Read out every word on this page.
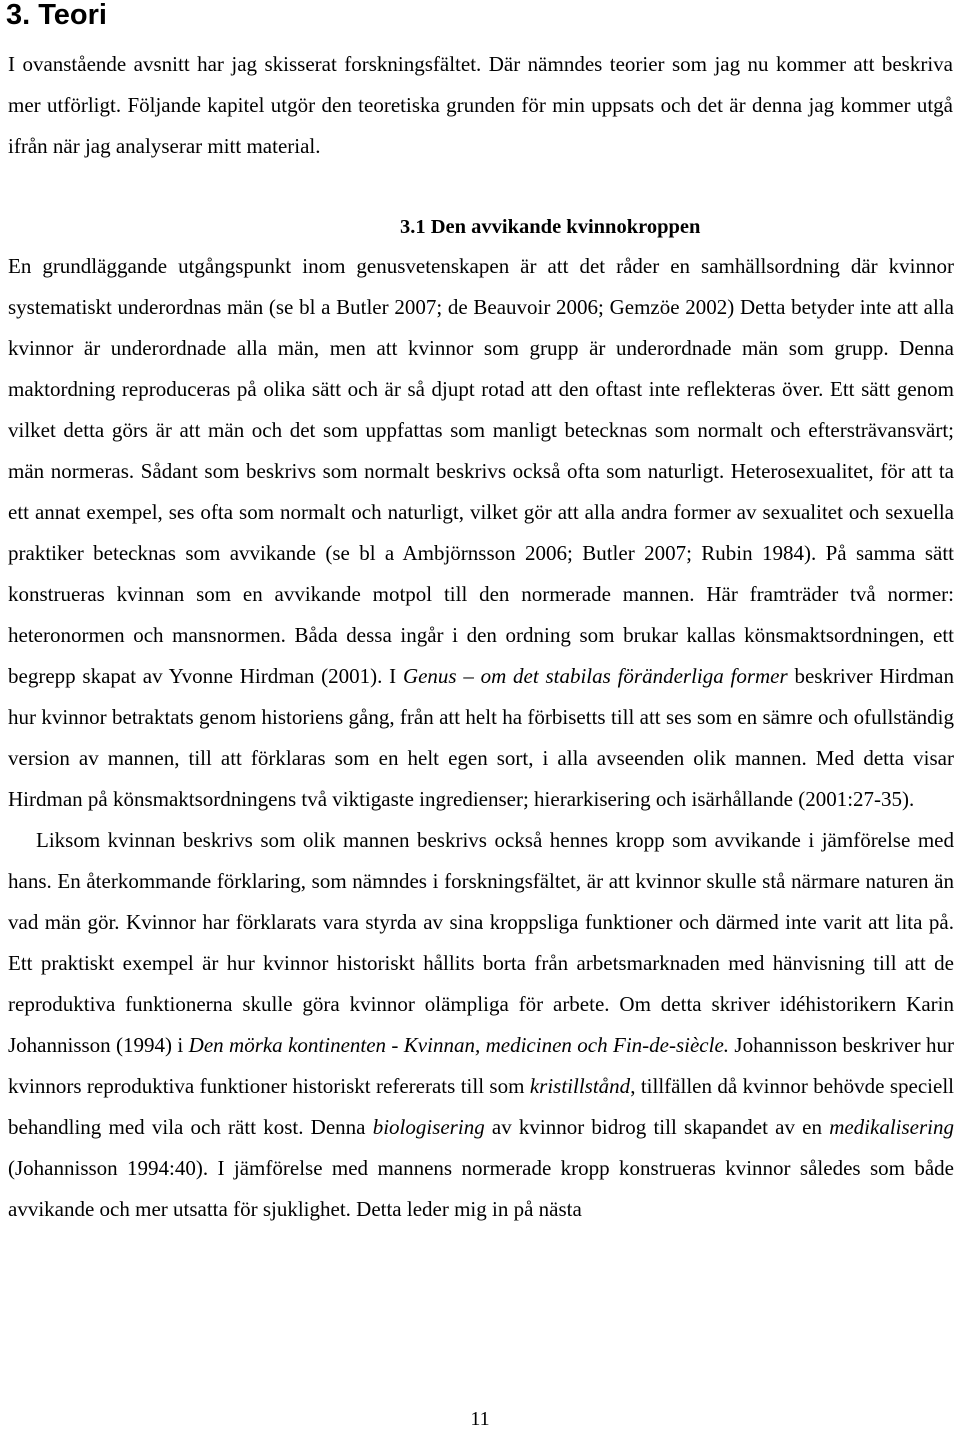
3. Teori

I ovanstående avsnitt har jag skisserat forskningsfältet. Där nämndes teorier som jag nu kommer att beskriva mer utförligt. Följande kapitel utgör den teoretiska grunden för min uppsats och det är denna jag kommer utgå ifrån när jag analyserar mitt material.

3.1 Den avvikande kvinnokroppen

En grundläggande utgångspunkt inom genusvetenskapen är att det råder en samhällsordning där kvinnor systematiskt underordnas män (se bl a Butler 2007; de Beauvoir 2006; Gemzöe 2002) Detta betyder inte att alla kvinnor är underordnade alla män, men att kvinnor som grupp är underordnade män som grupp. Denna maktordning reproduceras på olika sätt och är så djupt rotad att den oftast inte reflekteras över. Ett sätt genom vilket detta görs är att män och det som uppfattas som manligt betecknas som normalt och eftersträvansvärt; män normeras. Sådant som beskrivs som normalt beskrivs också ofta som naturligt. Heterosexualitet, för att ta ett annat exempel, ses ofta som normalt och naturligt, vilket gör att alla andra former av sexualitet och sexuella praktiker betecknas som avvikande (se bl a Ambjörnsson 2006; Butler 2007; Rubin 1984). På samma sätt konstrueras kvinnan som en avvikande motpol till den normerade mannen. Här framträder två normer: heteronormen och mansnormen. Båda dessa ingår i den ordning som brukar kallas könsmaktsordningen, ett begrepp skapat av Yvonne Hirdman (2001). I Genus – om det stabilas föränderliga former beskriver Hirdman hur kvinnor betraktats genom historiens gång, från att helt ha förbisetts till att ses som en sämre och ofullständig version av mannen, till att förklaras som en helt egen sort, i alla avseenden olik mannen. Med detta visar Hirdman på könsmaktsordningens två viktigaste ingredienser; hierarkisering och isärhållande (2001:27-35).

Liksom kvinnan beskrivs som olik mannen beskrivs också hennes kropp som avvikande i jämförelse med hans. En återkommande förklaring, som nämndes i forskningsfältet, är att kvinnor skulle stå närmare naturen än vad män gör. Kvinnor har förklarats vara styrda av sina kroppsliga funktioner och därmed inte varit att lita på. Ett praktiskt exempel är hur kvinnor historiskt hållits borta från arbetsmarknaden med hänvisning till att de reproduktiva funktionerna skulle göra kvinnor olämpliga för arbete. Om detta skriver idéhistorikern Karin Johannisson (1994) i Den mörka kontinenten - Kvinnan, medicinen och Fin-de-siècle. Johannisson beskriver hur kvinnors reproduktiva funktioner historiskt refererats till som kristillstånd, tillfällen då kvinnor behövde speciell behandling med vila och rätt kost. Denna biologisering av kvinnor bidrog till skapandet av en medikalisering (Johannisson 1994:40). I jämförelse med mannens normerade kropp konstrueras kvinnor således som både avvikande och mer utsatta för sjuklighet. Detta leder mig in på nästa

11
